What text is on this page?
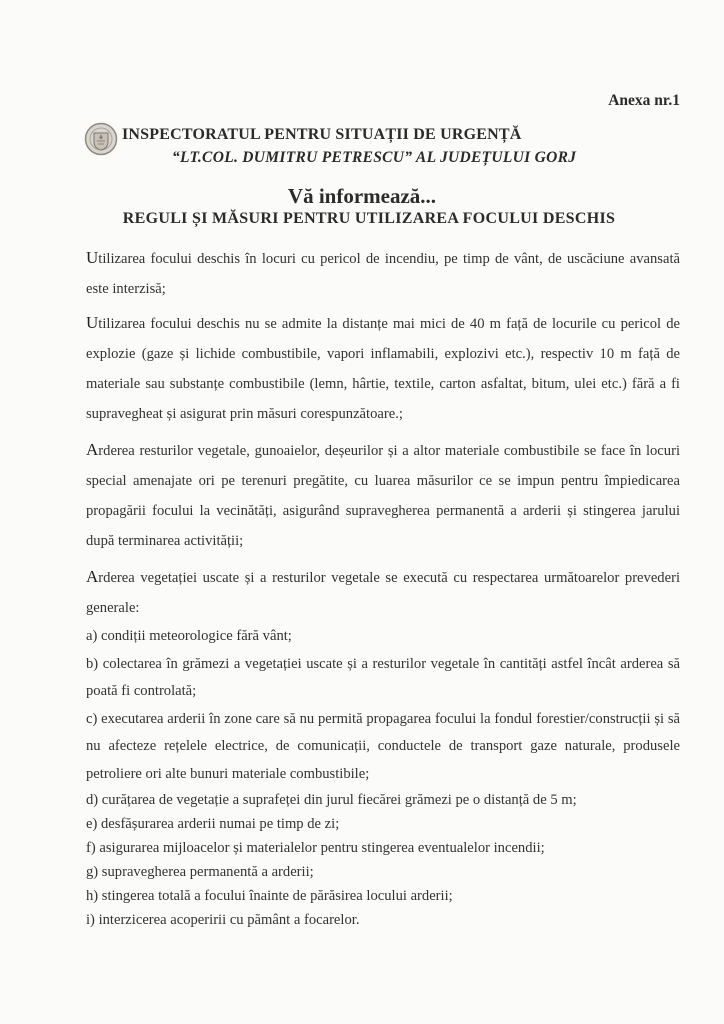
Anexa nr.1
INSPECTORATUL PENTRU SITUAȚII DE URGENȚĂ
“LT.COL. DUMITRU PETRESCU” AL JUDEȚULUI GORJ
Vă informează...
REGULI ȘI MĂSURI PENTRU UTILIZAREA FOCULUI DESCHIS

Utilizarea focului deschis în locuri cu pericol de incendiu, pe timp de vânt, de uscăciune avansată este interzisă;

Utilizarea focului deschis nu se admite la distanțe mai mici de 40 m față de locurile cu pericol de explozie (gaze și lichide combustibile, vapori inflamabili, explozivi etc.), respectiv 10 m față de materiale sau substanțe combustibile (lemn, hârtie, textile, carton asfaltat, bitum, ulei etc.) fără a fi supravegheat și asigurat prin măsuri corespunzătoare.;

Arderea resturilor vegetale, gunoaielor, deșeurilor și a altor materiale combustibile se face în locuri special amenajate ori pe terenuri pregătite, cu luarea măsurilor ce se impun pentru împiedicarea propagării focului la vecinătăți, asigurând supravegherea permanentă a arderii și stingerea jarului după terminarea activității;

Arderea vegetației uscate și a resturilor vegetale se execută cu respectarea următoarelor prevederi generale:

a) condiții meteorologice fără vânt;

b) colectarea în grămezi a vegetației uscate și a resturilor vegetale în cantități astfel încât arderea să poată fi controlată;

c) executarea arderii în zone care să nu permită propagarea focului la fondul forestier/construcții și să nu afecteze rețelele electrice, de comunicații, conductele de transport gaze naturale, produsele petroliere ori alte bunuri materiale combustibile;

d) curățarea de vegetație a suprafeței din jurul fiecărei grămezi pe o distanță de 5 m;

e) desfășurarea arderii numai pe timp de zi;

f) asigurarea mijloacelor și materialelor pentru stingerea eventualelor incendii;

g) supravegherea permanentă a arderii;

h) stingerea totală a focului înainte de părăsirea locului arderii;

i) interzicerea acoperirii cu pământ a focarelor.
